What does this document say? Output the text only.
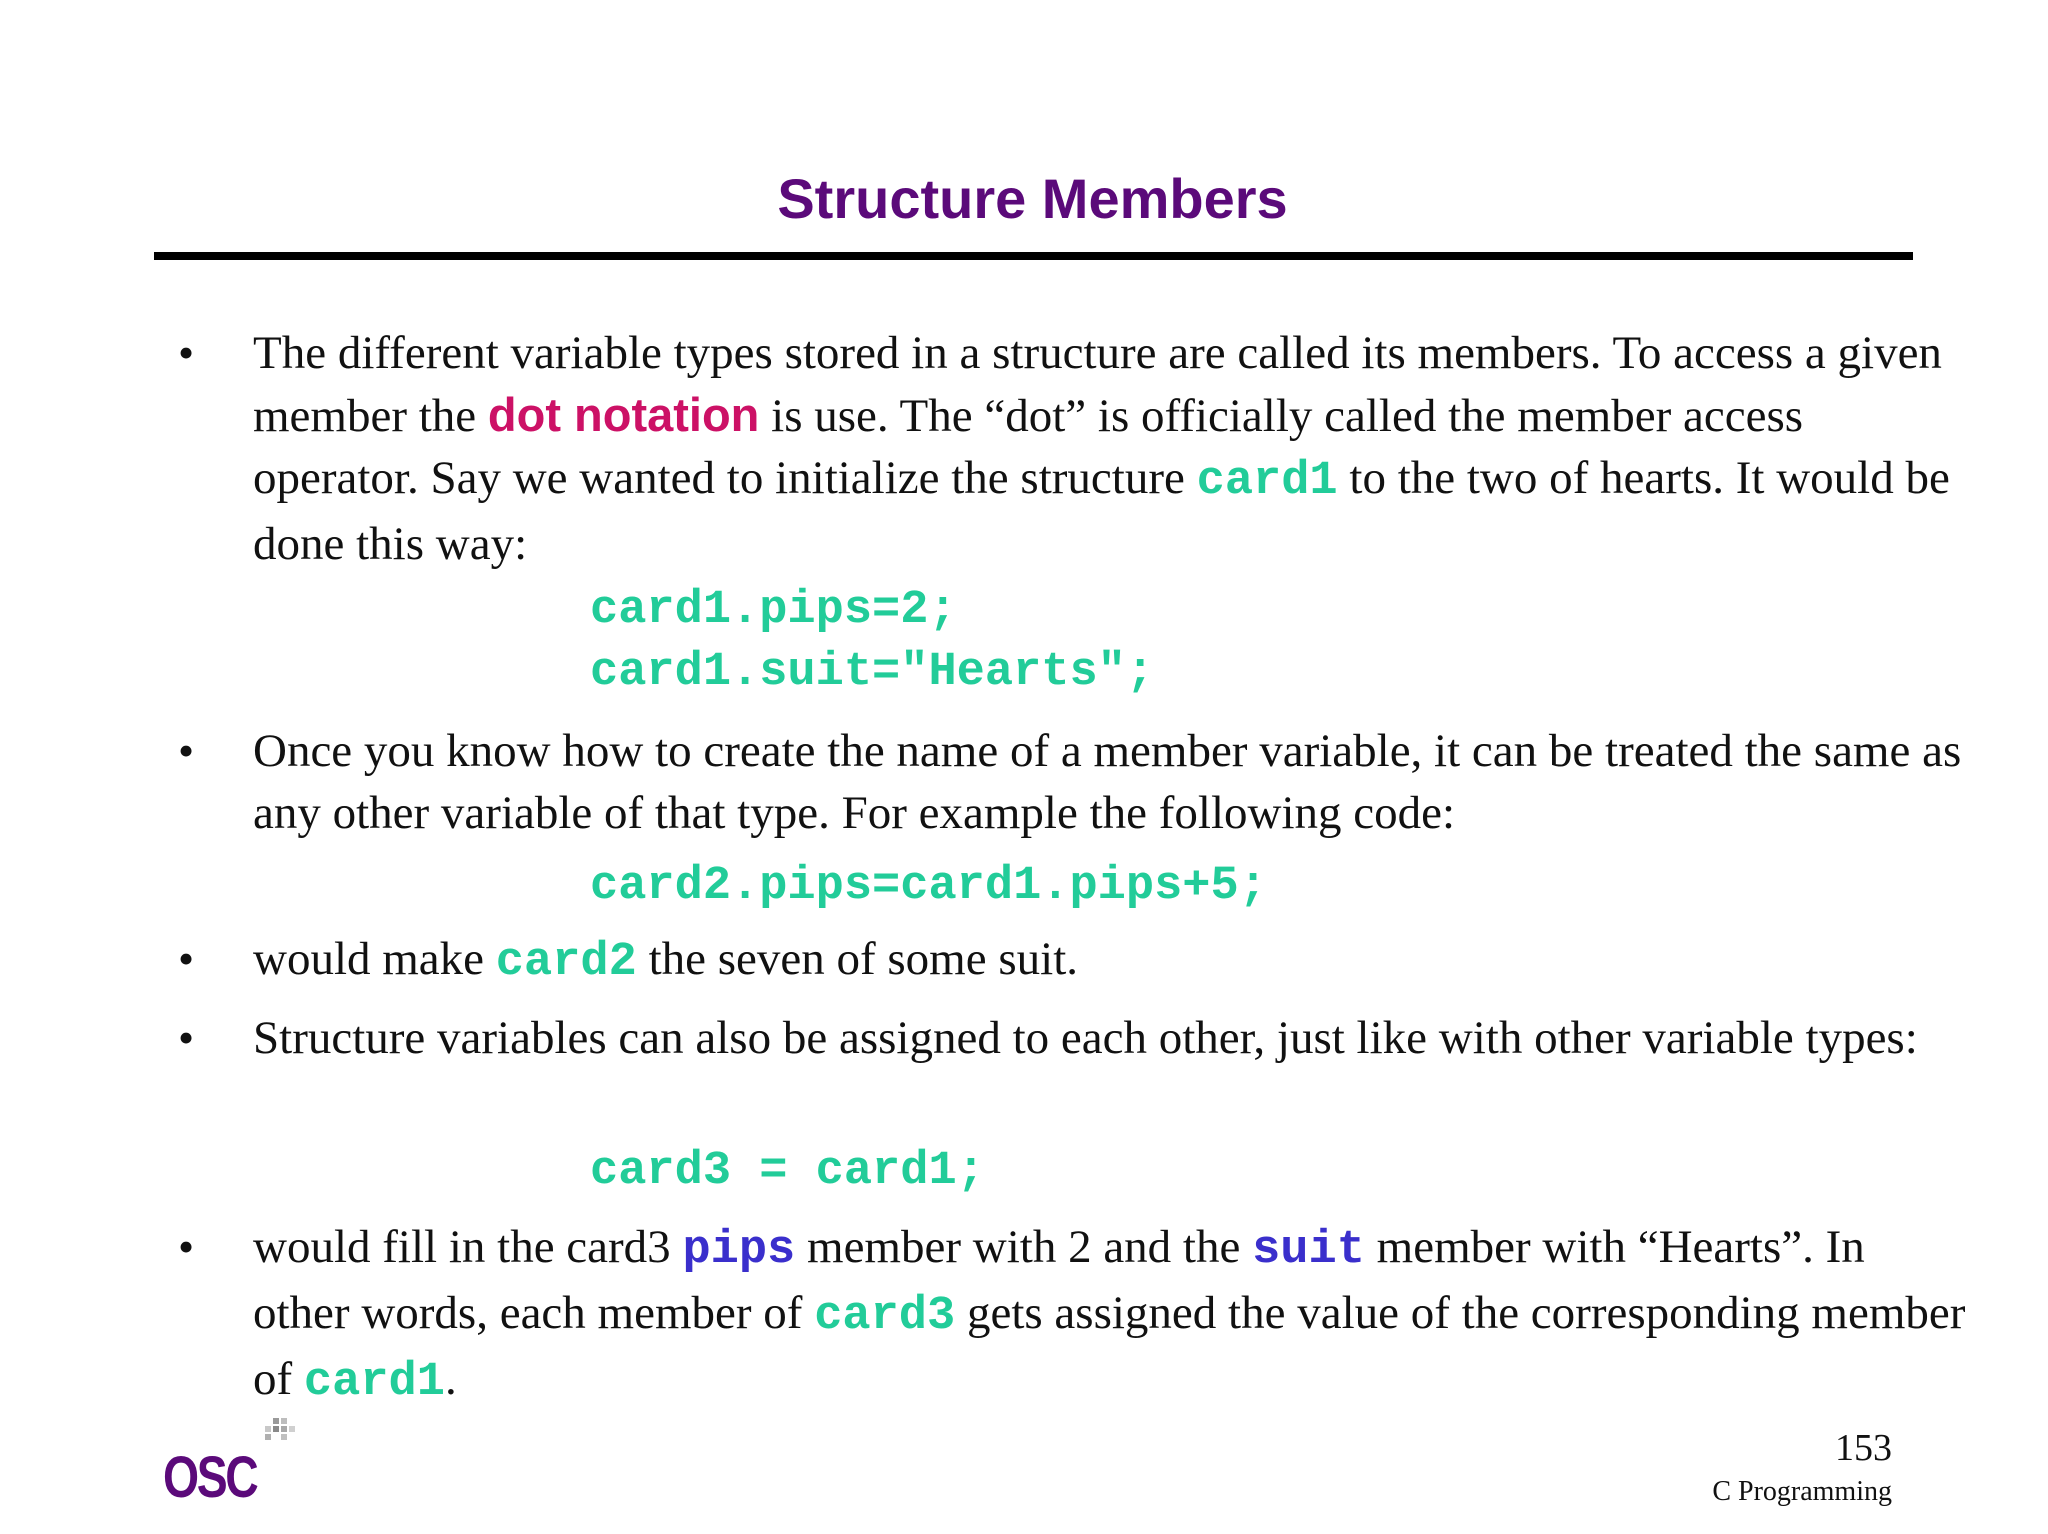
Structure Members
• The different variable types stored in a structure are called its members. To access a given member the dot notation is use. The “dot” is officially called the member access operator. Say we wanted to initialize the structure card1 to the two of hearts. It would be done this way:

card1.pips=2;
card1.suit="Hearts";
• Once you know how to create the name of a member variable, it can be treated the same as any other variable of that type. For example the following code:

card2.pips=card1.pips+5;
• would make card2 the seven of some suit.

• Structure variables can also be assigned to each other, just like with other variable types:

card3 = card1;
• would fill in the card3 pips member with 2 and the suit member with “Hearts”. In other words, each member of card3 gets assigned the value of the corresponding member of card1.

OSC	153
C Programming
